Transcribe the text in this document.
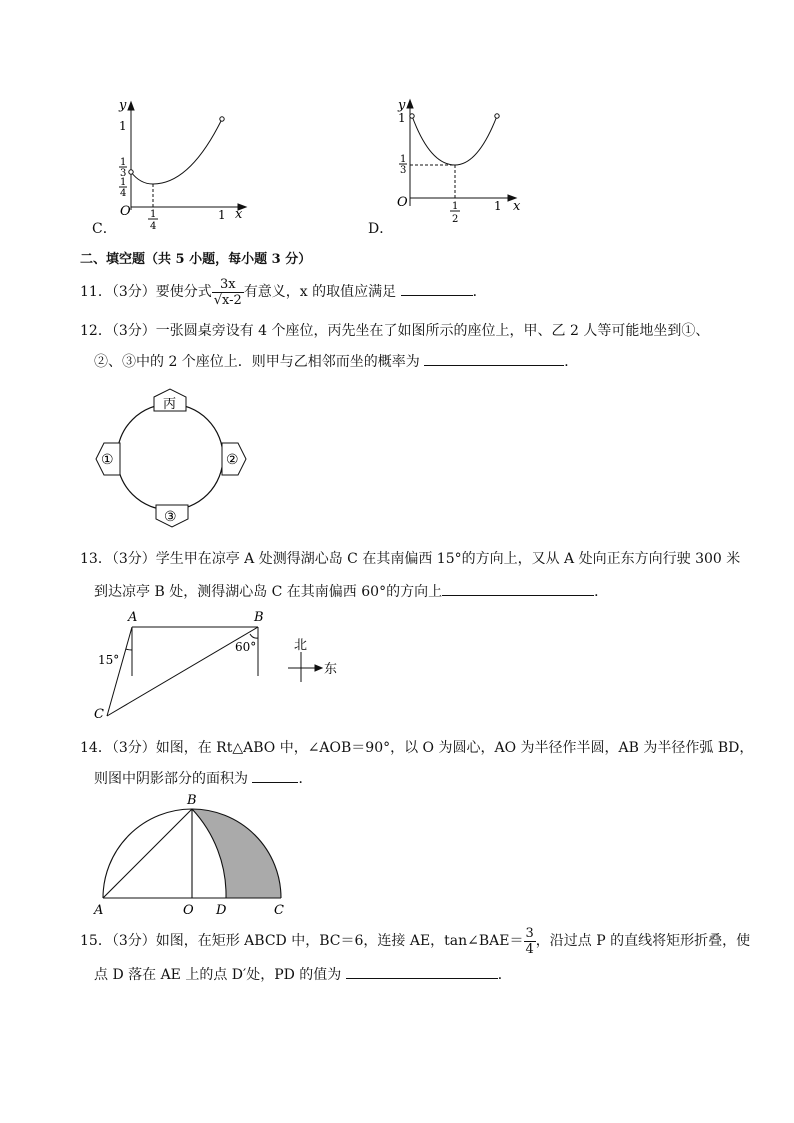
y
1
1
3
1
4
O 1
4
1 x
C．
y
1
1
3
O	1
2
1 x
D．
二、填空题（共 5 小题，每小题 3 分）
11．（3分）要使分式 $\frac{3x}{√x-2}$ 有意义，x 的取值应满足	．
12．（3分）一张圆桌旁设有 4 个座位，丙先坐在了如图所示的座位上，甲、乙 2 人等可能地坐到①、
②、③中的 2 个座位上．则甲与乙相邻而坐的概率为	．
丙
①	②
③
13．（3分）学生甲在凉亭 A 处测得湖心岛 C 在其南偏西 15°的方向上，又从 A 处向正东方向行驶 300 米
到达凉亭 B 处，测得湖心岛 C 在其南偏西 60°的方向上	．
A	B
C
15°
60°	北
东
14．（3分）如图，在 Rt△ABO 中，∠AOB＝90°，以 O 为圆心，AO 为半径作半圆，AB 为半径作弧 BD，
则图中阴影部分的面积为	．
B
A	O D	C
15．（3分）如图，在矩形 ABCD 中，BC＝6，连接 AE，tan∠BAE＝ $\frac{3}{4}$ ，沿过点 P 的直线将矩形折叠，使
点 D 落在 AE 上的点 D′处，PD 的值为	．
